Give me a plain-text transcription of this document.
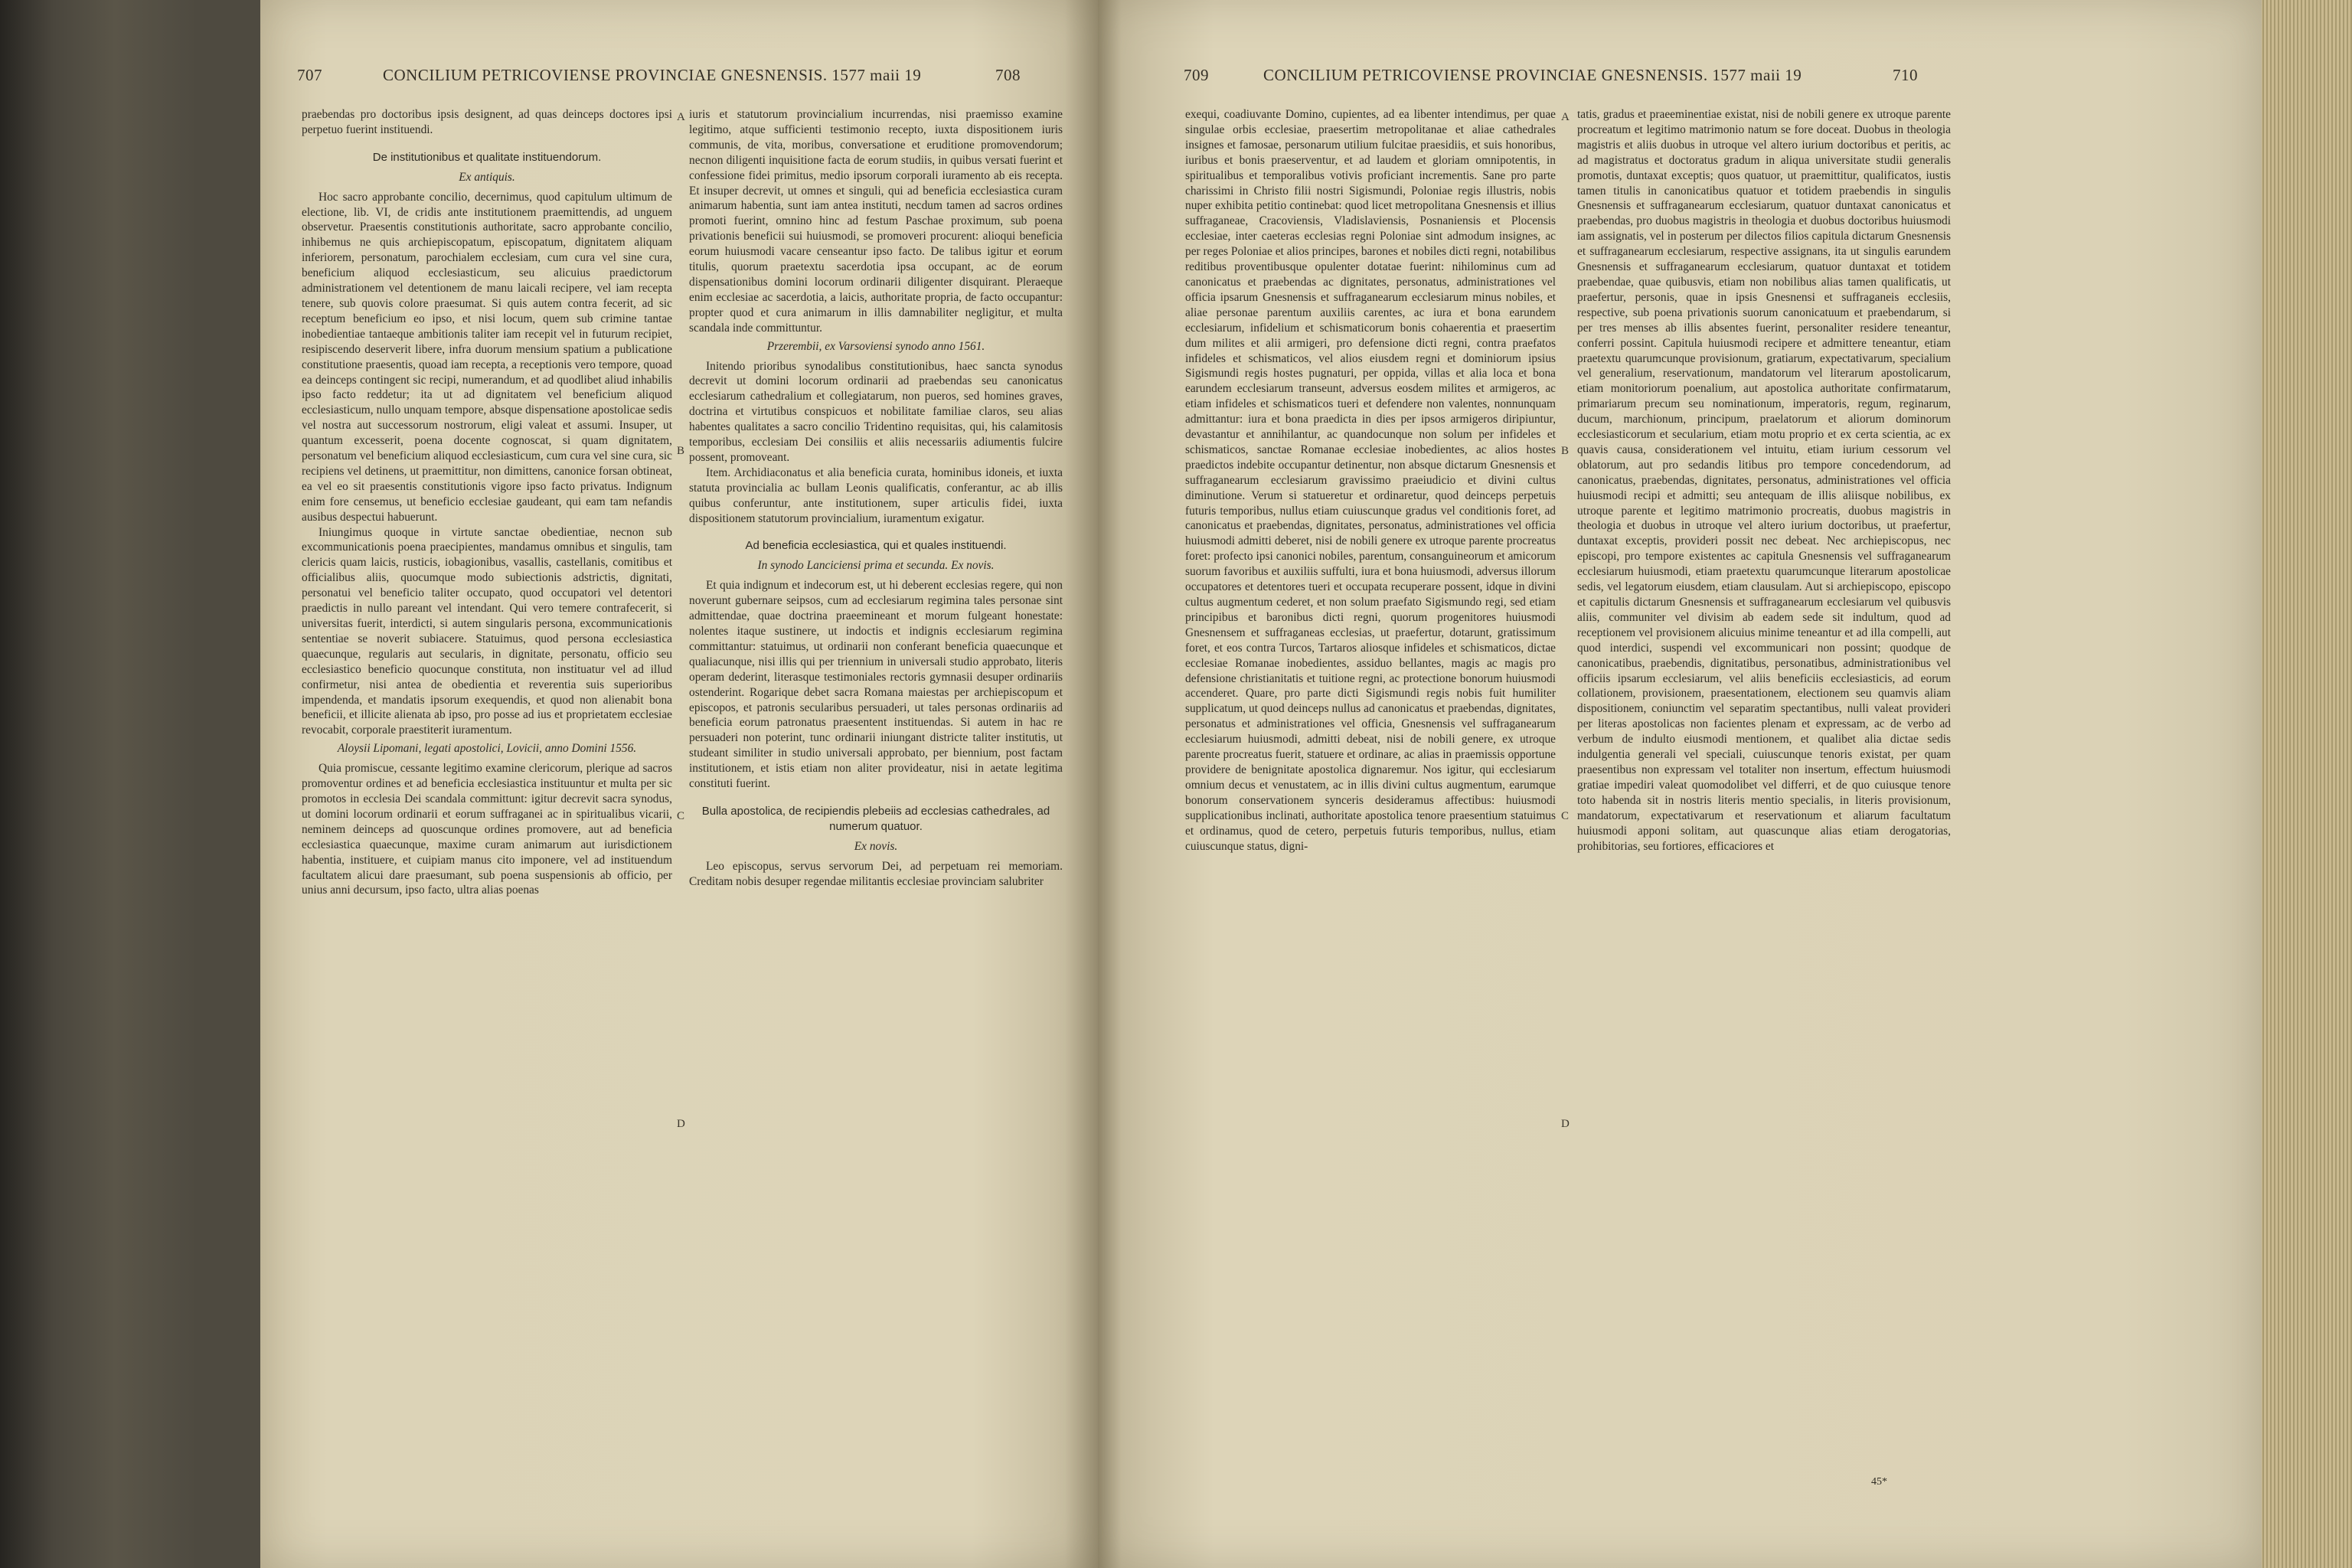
707	CONCILIUM PETRICOVIENSE PROVINCIAE GNESNENSIS. 1577 maii 19	708

praebendas pro doctoribus ipsis designent, ad quas deinceps doctores ipsi perpetuo fuerint instituendi.

De institutionibus et qualitate instituendorum.

Ex antiquis.

Hoc sacro approbante concilio, decernimus, quod capitulum ultimum de electione, lib. VI, de cridis ante institutionem praemittendis, ad unguem observetur. Praesentis constitutionis authoritate, sacro approbante concilio, inhibemus ne quis archiepiscopatum, episcopatum, dignitatem aliquam inferiorem, personatum, parochialem ecclesiam, cum cura vel sine cura, beneficium aliquod ecclesiasticum, seu alicuius praedictorum administrationem vel detentionem de manu laicali recipere, vel iam recepta tenere, sub quovis colore praesumat. Si quis autem contra fecerit, ad sic receptum beneficium eo ipso, et nisi locum, quem sub crimine tantae inobedientiae tantaeque ambitionis taliter iam recepit vel in futurum recipiet, resipiscendo deserverit libere, infra duorum mensium spatium a publicatione constitutione praesentis, quoad iam recepta, a receptionis vero tempore, quoad ea deinceps contingent sic recipi, numerandum, et ad quodlibet aliud inhabilis ipso facto reddetur; ita ut ad dignitatem vel beneficium aliquod ecclesiasticum, nullo unquam tempore, absque dispensatione apostolicae sedis vel nostra aut successorum nostrorum, eligi valeat et assumi. Insuper, ut quantum excesserit, poena docente cognoscat, si quam dignitatem, personatum vel beneficium aliquod ecclesiasticum, cum cura vel sine cura, sic recipiens vel detinens, ut praemittitur, non dimittens, canonice forsan obtineat, ea vel eo sit praesentis constitutionis vigore ipso facto privatus. Indignum enim fore censemus, ut beneficio ecclesiae gaudeant, qui eam tam nefandis ausibus despectui habuerunt.

Iniungimus quoque in virtute sanctae obedientiae, necnon sub excommunicationis poena praecipientes, mandamus omnibus et singulis, tam clericis quam laicis, rusticis, iobagionibus, vasallis, castellanis, comitibus et officialibus aliis, quocumque modo subiectionis adstrictis, dignitati, personatui vel beneficio taliter occupato, quod occupatori vel detentori praedictis in nullo pareant vel intendant. Qui vero temere contrafecerit, si universitas fuerit, interdicti, si autem singularis persona, excommunicationis sententiae se noverit subiacere. Statuimus, quod persona ecclesiastica quaecunque, regularis aut secularis, in dignitate, personatu, officio seu ecclesiastico beneficio quocunque constituta, non instituatur vel ad illud confirmetur, nisi antea de obedientia et reverentia suis superioribus impendenda, et mandatis ipsorum exequendis, et quod non alienabit bona beneficii, et illicite alienata ab ipso, pro posse ad ius et proprietatem ecclesiae revocabit, corporale praestiterit iuramentum.

Aloysii Lipomani, legati apostolici, Lovicii, anno Domini 1556.

Quia promiscue, cessante legitimo examine clericorum, plerique ad sacros promoventur ordines et ad beneficia ecclesiastica instituuntur et multa per sic promotos in ecclesia Dei scandala committunt: igitur decrevit sacra synodus, ut domini locorum ordinarii et eorum suffraganei ac in spiritualibus vicarii, neminem deinceps ad quoscunque ordines promovere, aut ad beneficia ecclesiastica quaecunque, maxime curam animarum aut iurisdictionem habentia, instituere, et cuipiam manus cito imponere, vel ad instituendum facultatem alicui dare praesumant, sub poena suspensionis ab officio, per unius anni decursum, ipso facto, ultra alias poenas

iuris et statutorum provincialium incurrendas, nisi praemisso examine legitimo, atque sufficienti testimonio recepto, iuxta dispositionem iuris communis, de vita, moribus, conversatione et eruditione promovendorum; necnon diligenti inquisitione facta de eorum studiis, in quibus versati fuerint et confessione fidei primitus, medio ipsorum corporali iuramento ab eis recepta. Et insuper decrevit, ut omnes et singuli, qui ad beneficia ecclesiastica curam animarum habentia, sunt iam antea instituti, necdum tamen ad sacros ordines promoti fuerint, omnino hinc ad festum Paschae proximum, sub poena privationis beneficii sui huiusmodi, se promoveri procurent: alioqui beneficia eorum huiusmodi vacare censeantur ipso facto. De talibus igitur et eorum titulis, quorum praetextu sacerdotia ipsa occupant, ac de eorum dispensationibus domini locorum ordinarii diligenter disquirant. Pleraeque enim ecclesiae ac sacerdotia, a laicis, authoritate propria, de facto occupantur: propter quod et cura animarum in illis damnabiliter negligitur, et multa scandala inde committuntur.

Przerembii, ex Varsoviensi synodo anno 1561.

Initendo prioribus synodalibus constitutionibus, haec sancta synodus decrevit ut domini locorum ordinarii ad praebendas seu canonicatus ecclesiarum cathedralium et collegiatarum, non pueros, sed homines graves, doctrina et virtutibus conspicuos et nobilitate familiae claros, seu alias habentes qualitates a sacro concilio Tridentino requisitas, qui, his calamitosis temporibus, ecclesiam Dei consiliis et aliis necessariis adiumentis fulcire possent, promoveant.

Item. Archidiaconatus et alia beneficia curata, hominibus idoneis, et iuxta statuta provincialia ac bullam Leonis qualificatis, conferantur, ac ab illis quibus conferuntur, ante institutionem, super articulis fidei, iuxta dispositionem statutorum provincialium, iuramentum exigatur.

Ad beneficia ecclesiastica, qui et quales instituendi.

In synodo Lanciciensi prima et secunda. Ex novis.

Et quia indignum et indecorum est, ut hi deberent ecclesias regere, qui non noverunt gubernare seipsos, cum ad ecclesiarum regimina tales personae sint admittendae, quae doctrina praeemineant et morum fulgeant honestate: nolentes itaque sustinere, ut indoctis et indignis ecclesiarum regimina committantur: statuimus, ut ordinarii non conferant beneficia quaecunque et qualiacunque, nisi illis qui per triennium in universali studio approbato, literis operam dederint, literasque testimoniales rectoris gymnasii desuper ordinariis ostenderint. Rogarique debet sacra Romana maiestas per archiepiscopum et episcopos, et patronis secularibus persuaderi, ut tales personas ordinariis ad beneficia eorum patronatus praesentent instituendas. Si autem in hac re persuaderi non poterint, tunc ordinarii iniungant districte taliter institutis, ut studeant similiter in studio universali approbato, per biennium, post factam institutionem, et istis etiam non aliter provideatur, nisi in aetate legitima constituti fuerint.

Bulla apostolica, de recipiendis plebeiis ad ecclesias cathedrales, ad numerum quatuor.

Ex novis.

Leo episcopus, servus servorum Dei, ad perpetuam rei memoriam. Creditam nobis desuper regendae militantis ecclesiae provinciam salubriter

A
B
C
D
709	CONCILIUM PETRICOVIENSE PROVINCIAE GNESNENSIS. 1577 maii 19	710

exequi, coadiuvante Domino, cupientes, ad ea libenter intendimus, per quae singulae orbis ecclesiae, praesertim metropolitanae et aliae cathedrales insignes et famosae, personarum utilium fulcitae praesidiis, et suis honoribus, iuribus et bonis praeserventur, et ad laudem et gloriam omnipotentis, in spiritualibus et temporalibus votivis proficiant incrementis. Sane pro parte charissimi in Christo filii nostri Sigismundi, Poloniae regis illustris, nobis nuper exhibita petitio continebat: quod licet metropolitana Gnesnensis et illius suffraganeae, Cracoviensis, Vladislaviensis, Posnaniensis et Plocensis ecclesiae, inter caeteras ecclesias regni Poloniae sint admodum insignes, ac per reges Poloniae et alios principes, barones et nobiles dicti regni, notabilibus reditibus proventibusque opulenter dotatae fuerint: nihilominus cum ad canonicatus et praebendas ac dignitates, personatus, administrationes vel officia ipsarum Gnesnensis et suffraganearum ecclesiarum minus nobiles, et aliae personae parentum auxiliis carentes, ac iura et bona earundem ecclesiarum, infidelium et schismaticorum bonis cohaerentia et praesertim dum milites et alii armigeri, pro defensione dicti regni, contra praefatos infideles et schismaticos, vel alios eiusdem regni et dominiorum ipsius Sigismundi regis hostes pugnaturi, per oppida, villas et alia loca et bona earundem ecclesiarum transeunt, adversus eosdem milites et armigeros, ac etiam infideles et schismaticos tueri et defendere non valentes, nonnunquam admittantur: iura et bona praedicta in dies per ipsos armigeros diripiuntur, devastantur et annihilantur, ac quandocunque non solum per infideles et schismaticos, sanctae Romanae ecclesiae inobedientes, ac alios hostes praedictos indebite occupantur detinentur, non absque dictarum Gnesnensis et suffraganearum ecclesiarum gravissimo praeiudicio et divini cultus diminutione. Verum si statueretur et ordinaretur, quod deinceps perpetuis futuris temporibus, nullus etiam cuiuscunque gradus vel conditionis foret, ad canonicatus et praebendas, dignitates, personatus, administrationes vel officia huiusmodi admitti deberet, nisi de nobili genere ex utroque parente procreatus foret: profecto ipsi canonici nobiles, parentum, consanguineorum et amicorum suorum favoribus et auxiliis suffulti, iura et bona huiusmodi, adversus illorum occupatores et detentores tueri et occupata recuperare possent, idque in divini cultus augmentum cederet, et non solum praefato Sigismundo regi, sed etiam principibus et baronibus dicti regni, quorum progenitores huiusmodi Gnesnensem et suffraganeas ecclesias, ut praefertur, dotarunt, gratissimum foret, et eos contra Turcos, Tartaros aliosque infideles et schismaticos, dictae ecclesiae Romanae inobedientes, assiduo bellantes, magis ac magis pro defensione christianitatis et tuitione regni, ac protectione bonorum huiusmodi accenderet. Quare, pro parte dicti Sigismundi regis nobis fuit humiliter supplicatum, ut quod deinceps nullus ad canonicatus et praebendas, dignitates, personatus et administrationes vel officia, Gnesnensis vel suffraganearum ecclesiarum huiusmodi, admitti debeat, nisi de nobili genere, ex utroque parente procreatus fuerit, statuere et ordinare, ac alias in praemissis opportune providere de benignitate apostolica dignaremur. Nos igitur, qui ecclesiarum omnium decus et venustatem, ac in illis divini cultus augmentum, earumque bonorum conservationem synceris desideramus affectibus: huiusmodi supplicationibus inclinati, authoritate apostolica tenore praesentium statuimus et ordinamus, quod de cetero, perpetuis futuris temporibus, nullus, etiam cuiuscunque status, digni-

tatis, gradus et praeeminentiae existat, nisi de nobili genere ex utroque parente procreatum et legitimo matrimonio natum se fore doceat. Duobus in theologia magistris et aliis duobus in utroque vel altero iurium doctoribus et peritis, ac ad magistratus et doctoratus gradum in aliqua universitate studii generalis promotis, duntaxat exceptis; quos quatuor, ut praemittitur, qualificatos, iustis tamen titulis in canonicatibus quatuor et totidem praebendis in singulis Gnesnensis et suffraganearum ecclesiarum, quatuor duntaxat canonicatus et praebendas, pro duobus magistris in theologia et duobus doctoribus huiusmodi iam assignatis, vel in posterum per dilectos filios capitula dictarum Gnesnensis et suffraganearum ecclesiarum, respective assignans, ita ut singulis earundem Gnesnensis et suffraganearum ecclesiarum, quatuor duntaxat et totidem praebendae, quae quibusvis, etiam non nobilibus alias tamen qualificatis, ut praefertur, personis, quae in ipsis Gnesnensi et suffraganeis ecclesiis, respective, sub poena privationis suorum canonicatuum et praebendarum, si per tres menses ab illis absentes fuerint, personaliter residere teneantur, conferri possint. Capitula huiusmodi recipere et admittere teneantur, etiam praetextu quarumcunque provisionum, gratiarum, expectativarum, specialium vel generalium, reservationum, mandatorum vel literarum apostolicarum, etiam monitoriorum poenalium, aut apostolica authoritate confirmatarum, primariarum precum seu nominationum, imperatoris, regum, reginarum, ducum, marchionum, principum, praelatorum et aliorum dominorum ecclesiasticorum et secularium, etiam motu proprio et ex certa scientia, ac ex quavis causa, considerationem vel intuitu, etiam iurium cessorum vel oblatorum, aut pro sedandis litibus pro tempore concedendorum, ad canonicatus, praebendas, dignitates, personatus, administrationes vel officia huiusmodi recipi et admitti; seu antequam de illis aliisque nobilibus, ex utroque parente et legitimo matrimonio procreatis, duobus magistris in theologia et duobus in utroque vel altero iurium doctoribus, ut praefertur, duntaxat exceptis, provideri possit nec debeat. Nec archiepiscopus, nec episcopi, pro tempore existentes ac capitula Gnesnensis vel suffraganearum ecclesiarum huiusmodi, etiam praetextu quarumcunque literarum apostolicae sedis, vel legatorum eiusdem, etiam clausulam. Aut si archiepiscopo, episcopo et capitulis dictarum Gnesnensis et suffraganearum ecclesiarum vel quibusvis aliis, communiter vel divisim ab eadem sede sit indultum, quod ad receptionem vel provisionem alicuius minime teneantur et ad illa compelli, aut quod interdici, suspendi vel excommunicari non possint; quodque de canonicatibus, praebendis, dignitatibus, personatibus, administrationibus vel officiis ipsarum ecclesiarum, vel aliis beneficiis ecclesiasticis, ad eorum collationem, provisionem, praesentationem, electionem seu quamvis aliam dispositionem, coniunctim vel separatim spectantibus, nulli valeat provideri per literas apostolicas non facientes plenam et expressam, ac de verbo ad verbum de indulto eiusmodi mentionem, et qualibet alia dictae sedis indulgentia generali vel speciali, cuiuscunque tenoris existat, per quam praesentibus non expressam vel totaliter non insertum, effectum huiusmodi gratiae impediri valeat quomodolibet vel differri, et de quo cuiusque tenore toto habenda sit in nostris literis mentio specialis, in literis provisionum, mandatorum, expectativarum et reservationum et aliarum facultatum huiusmodi apponi solitam, aut quascunque alias etiam derogatorias, prohibitorias, seu fortiores, efficaciores et

A
B
C
D
45*
